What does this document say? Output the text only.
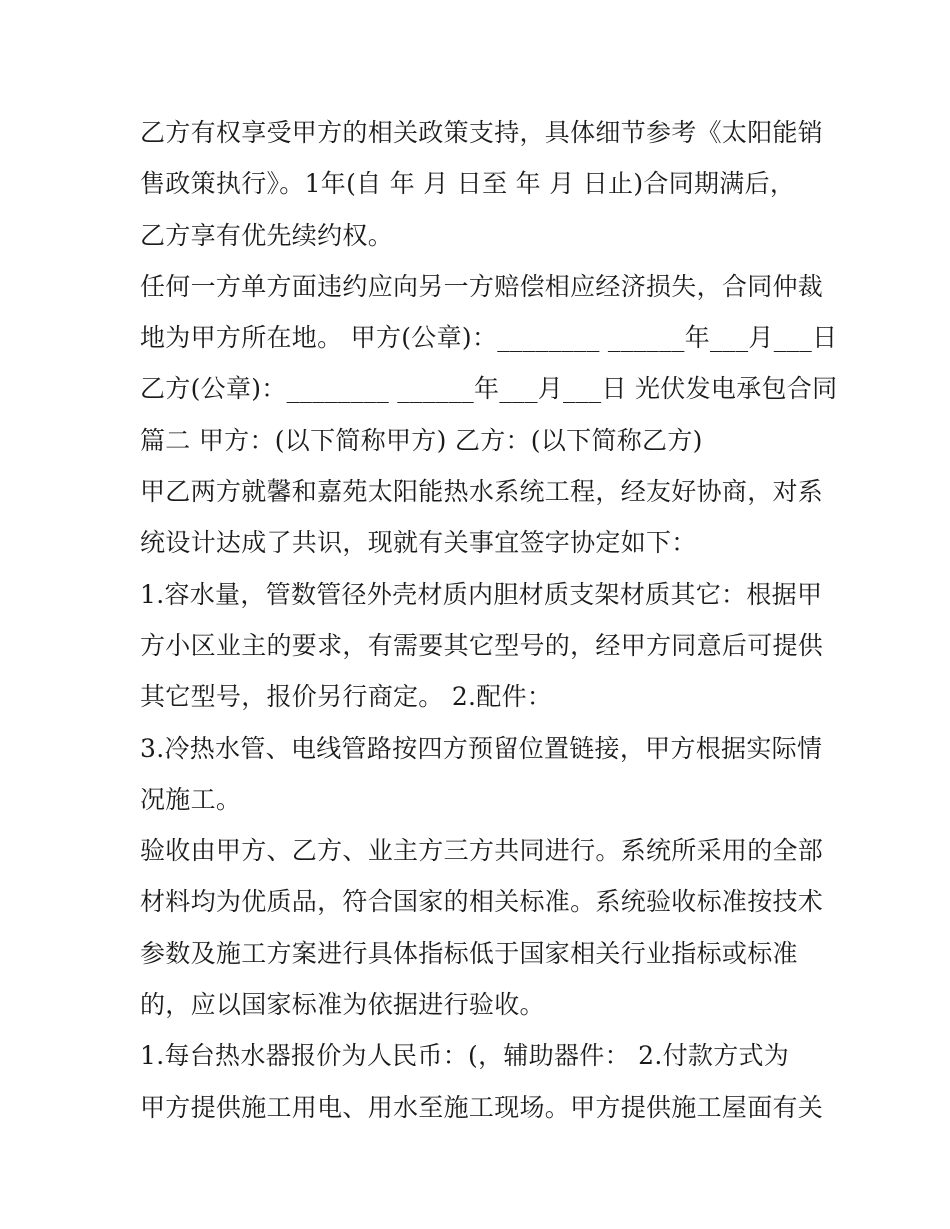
乙方有权享受甲方的相关政策支持，具体细节参考《太阳能销
售政策执行》。1年(自 年 月 日至 年 月 日止)合同期满后，
乙方享有优先续约权。
任何一方单方面违约应向另一方赔偿相应经济损失，合同仲裁
地为甲方所在地。 甲方(公章)：________ ______年___月___日
乙方(公章)：________ ______年___月___日 光伏发电承包合同
篇二 甲方：(以下简称甲方) 乙方：(以下简称乙方)
甲乙两方就馨和嘉苑太阳能热水系统工程，经友好协商，对系
统设计达成了共识，现就有关事宜签字协定如下：
1.容水量，管数管径外壳材质内胆材质支架材质其它：根据甲
方小区业主的要求，有需要其它型号的，经甲方同意后可提供
其它型号，报价另行商定。 2.配件：
3.冷热水管、电线管路按四方预留位置链接，甲方根据实际情
况施工。
验收由甲方、乙方、业主方三方共同进行。系统所采用的全部
材料均为优质品，符合国家的相关标准。系统验收标准按技术
参数及施工方案进行具体指标低于国家相关行业指标或标准
的，应以国家标准为依据进行验收。
1.每台热水器报价为人民币：(，辅助器件： 2.付款方式为
甲方提供施工用电、用水至施工现场。甲方提供施工屋面有关
